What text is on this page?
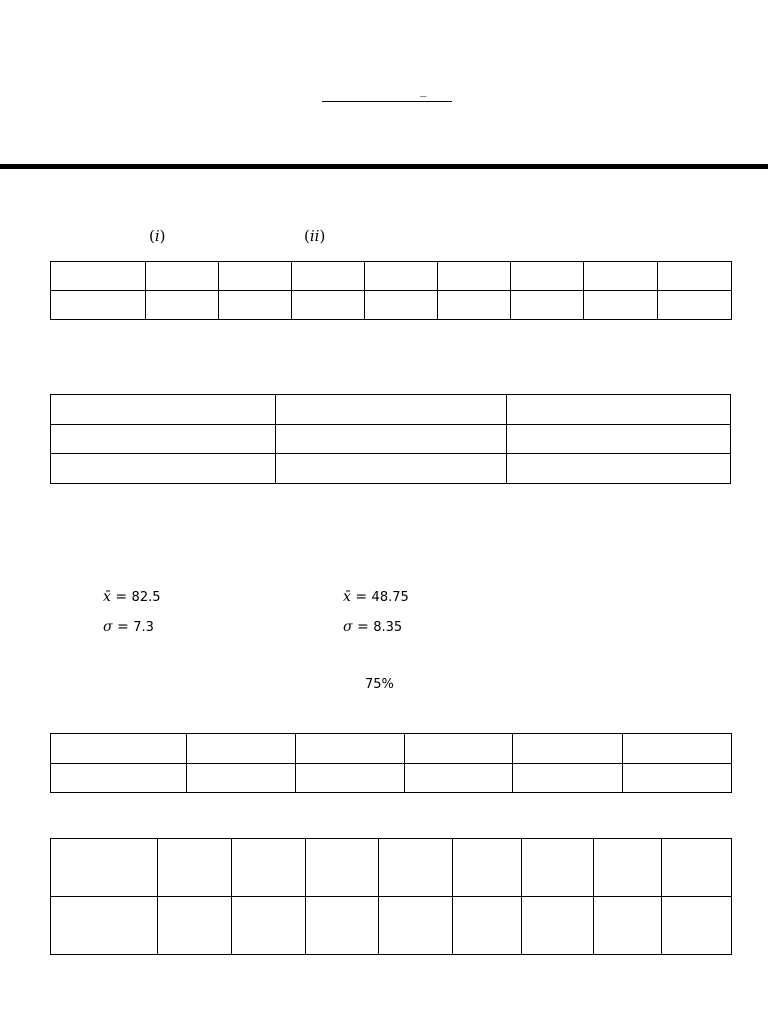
_
(i)	(ii)

x̄ = 82.5
σ = 7.3
x̄ = 48.75
σ = 8.35
75%
